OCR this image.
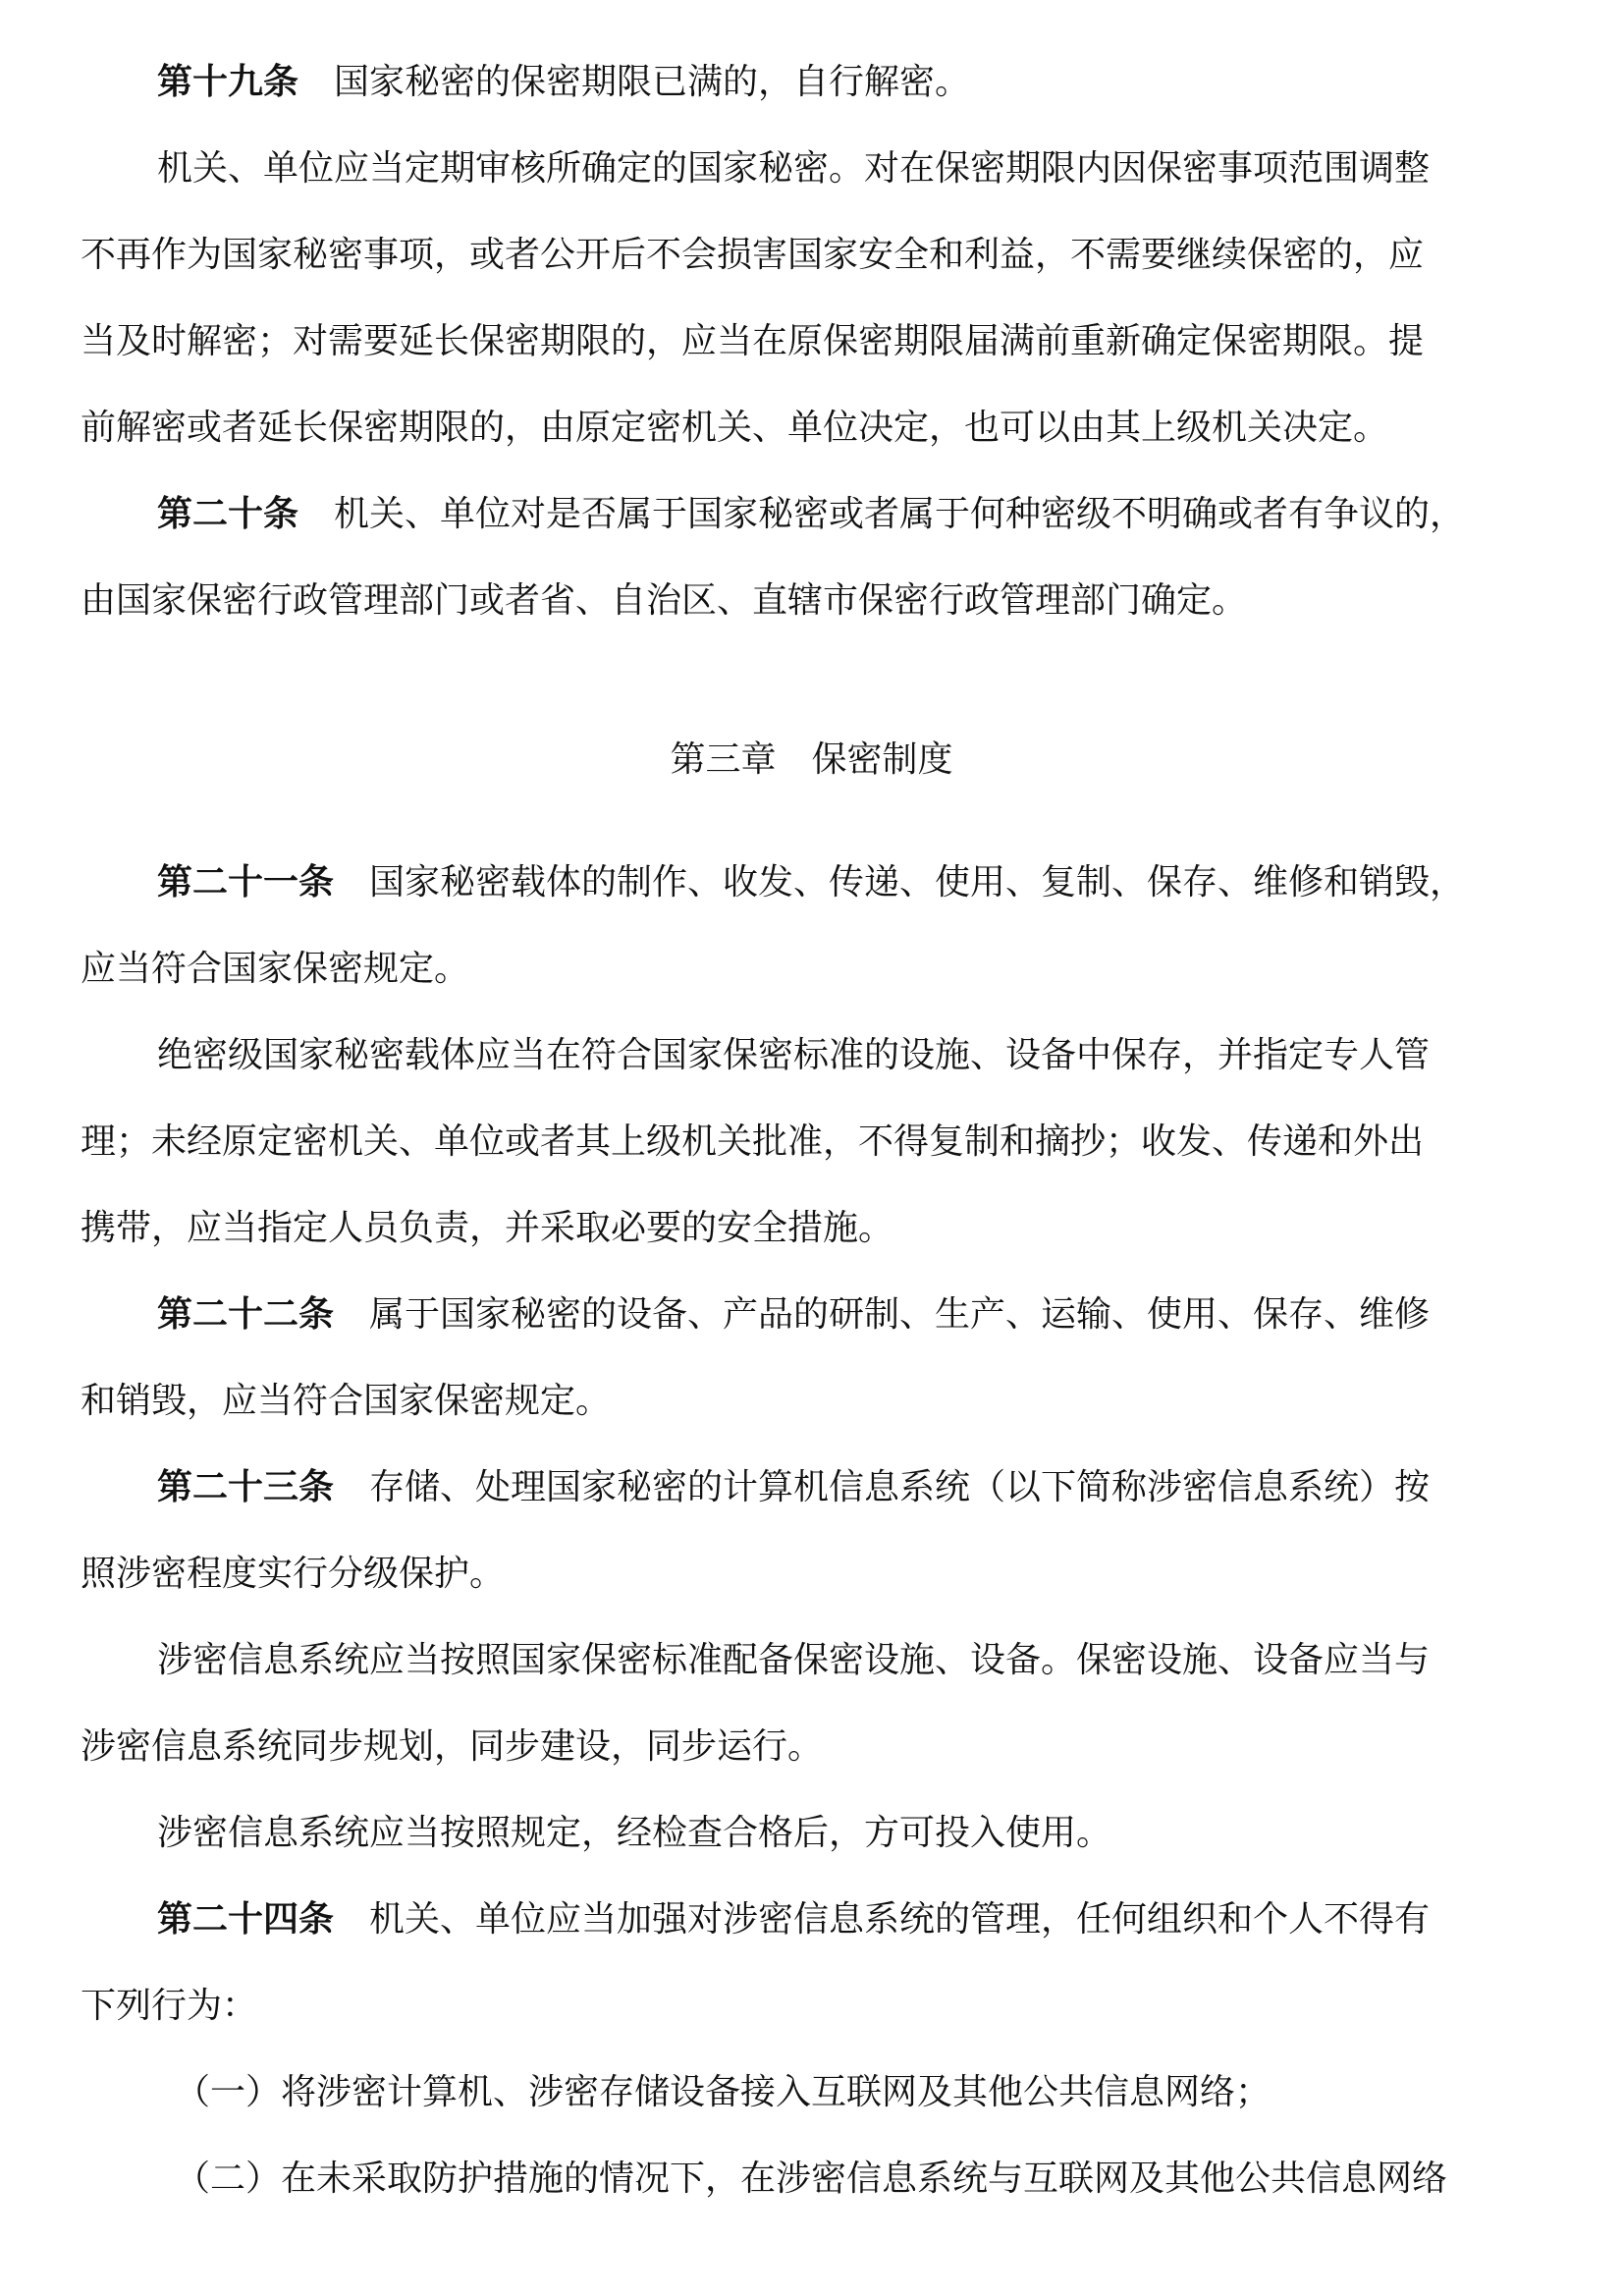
第十九条 国家秘密的保密期限已满的，自行解密。
机关、单位应当定期审核所确定的国家秘密。对在保密期限内因保密事项范围调整
不再作为国家秘密事项，或者公开后不会损害国家安全和利益，不需要继续保密的，应
当及时解密；对需要延长保密期限的，应当在原保密期限届满前重新确定保密期限。提
前解密或者延长保密期限的，由原定密机关、单位决定，也可以由其上级机关决定。
第二十条 机关、单位对是否属于国家秘密或者属于何种密级不明确或者有争议的，
由国家保密行政管理部门或者省、自治区、直辖市保密行政管理部门确定。
第三章 保密制度
第二十一条 国家秘密载体的制作、收发、传递、使用、复制、保存、维修和销毁，
应当符合国家保密规定。
绝密级国家秘密载体应当在符合国家保密标准的设施、设备中保存，并指定专人管
理；未经原定密机关、单位或者其上级机关批准，不得复制和摘抄；收发、传递和外出
携带，应当指定人员负责，并采取必要的安全措施。
第二十二条 属于国家秘密的设备、产品的研制、生产、运输、使用、保存、维修
和销毁，应当符合国家保密规定。
第二十三条 存储、处理国家秘密的计算机信息系统（以下简称涉密信息系统）按
照涉密程度实行分级保护。
涉密信息系统应当按照国家保密标准配备保密设施、设备。保密设施、设备应当与
涉密信息系统同步规划，同步建设，同步运行。
涉密信息系统应当按照规定，经检查合格后，方可投入使用。
第二十四条 机关、单位应当加强对涉密信息系统的管理，任何组织和个人不得有
下列行为：
（一）将涉密计算机、涉密存储设备接入互联网及其他公共信息网络；
（二）在未采取防护措施的情况下，在涉密信息系统与互联网及其他公共信息网络
